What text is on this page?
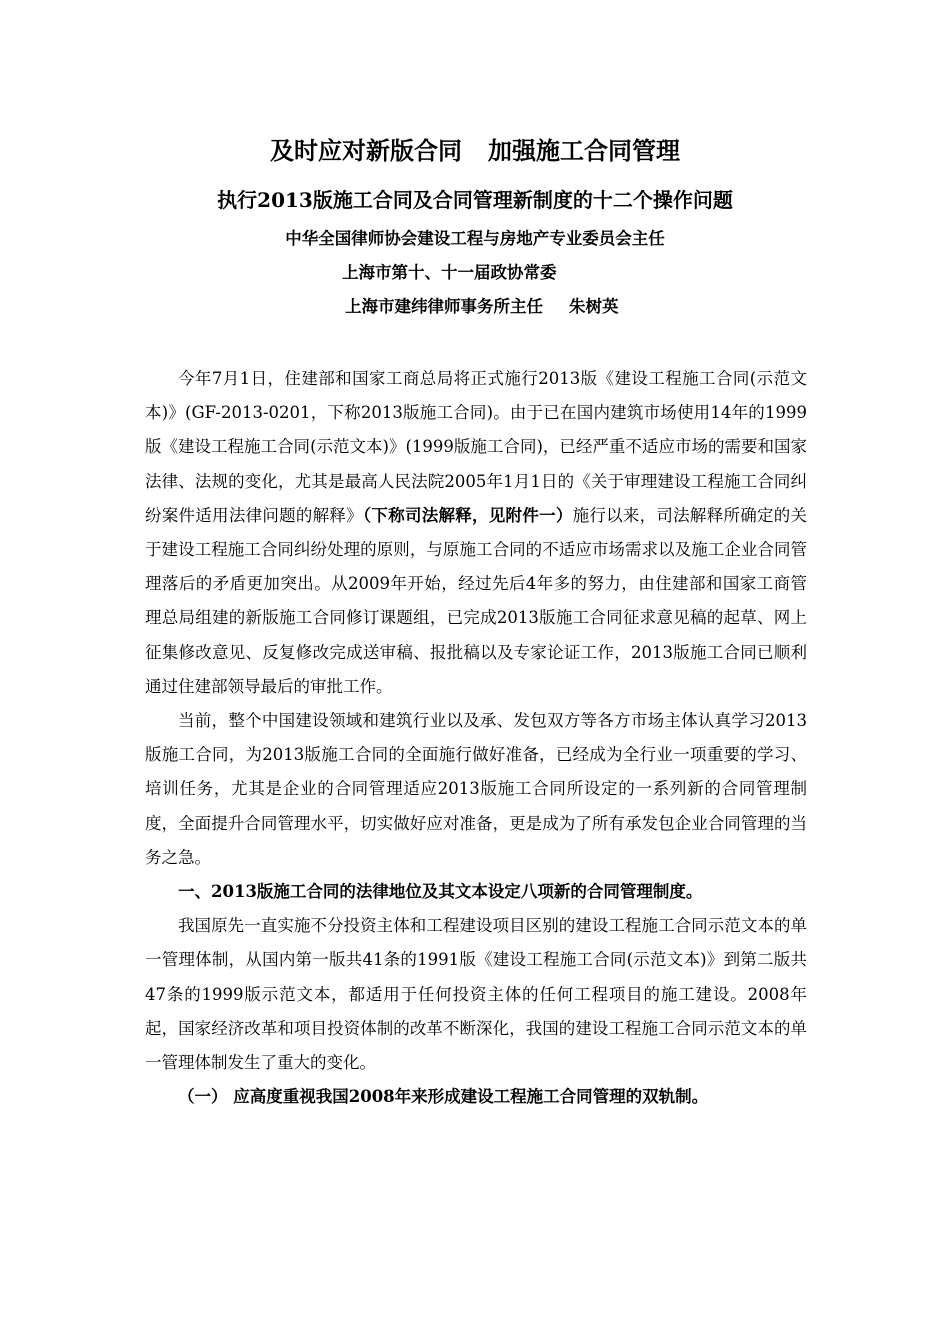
及时应对新版合同 加强施工合同管理
执行2013版施工合同及合同管理新制度的十二个操作问题
中华全国律师协会建设工程与房地产专业委员会主任
上海市第十、十一届政协常委
上海市建纬律师事务所主任 朱树英

今年7月1日，住建部和国家工商总局将正式施行2013版《建设工程施工合同(示范文本)》(GF-2013-0201，下称2013版施工合同)。由于已在国内建筑市场使用14年的1999版《建设工程施工合同(示范文本)》(1999版施工合同)，已经严重不适应市场的需要和国家法律、法规的变化，尤其是最高人民法院2005年1月1日的《关于审理建设工程施工合同纠纷案件适用法律问题的解释》（下称司法解释，见附件一）施行以来，司法解释所确定的关于建设工程施工合同纠纷处理的原则，与原施工合同的不适应市场需求以及施工企业合同管理落后的矛盾更加突出。从2009年开始，经过先后4年多的努力，由住建部和国家工商管理总局组建的新版施工合同修订课题组，已完成2013版施工合同征求意见稿的起草、网上征集修改意见、反复修改完成送审稿、报批稿以及专家论证工作，2013版施工合同已顺利通过住建部领导最后的审批工作。

当前，整个中国建设领域和建筑行业以及承、发包双方等各方市场主体认真学习2013版施工合同，为2013版施工合同的全面施行做好准备，已经成为全行业一项重要的学习、培训任务，尤其是企业的合同管理适应2013版施工合同所设定的一系列新的合同管理制度，全面提升合同管理水平，切实做好应对准备，更是成为了所有承发包企业合同管理的当务之急。

一、2013版施工合同的法律地位及其文本设定八项新的合同管理制度。

我国原先一直实施不分投资主体和工程建设项目区别的建设工程施工合同示范文本的单一管理体制，从国内第一版共41条的1991版《建设工程施工合同(示范文本)》到第二版共47条的1999版示范文本，都适用于任何投资主体的任何工程项目的施工建设。2008年起，国家经济改革和项目投资体制的改革不断深化，我国的建设工程施工合同示范文本的单一管理体制发生了重大的变化。

（一） 应高度重视我国2008年来形成建设工程施工合同管理的双轨制。
